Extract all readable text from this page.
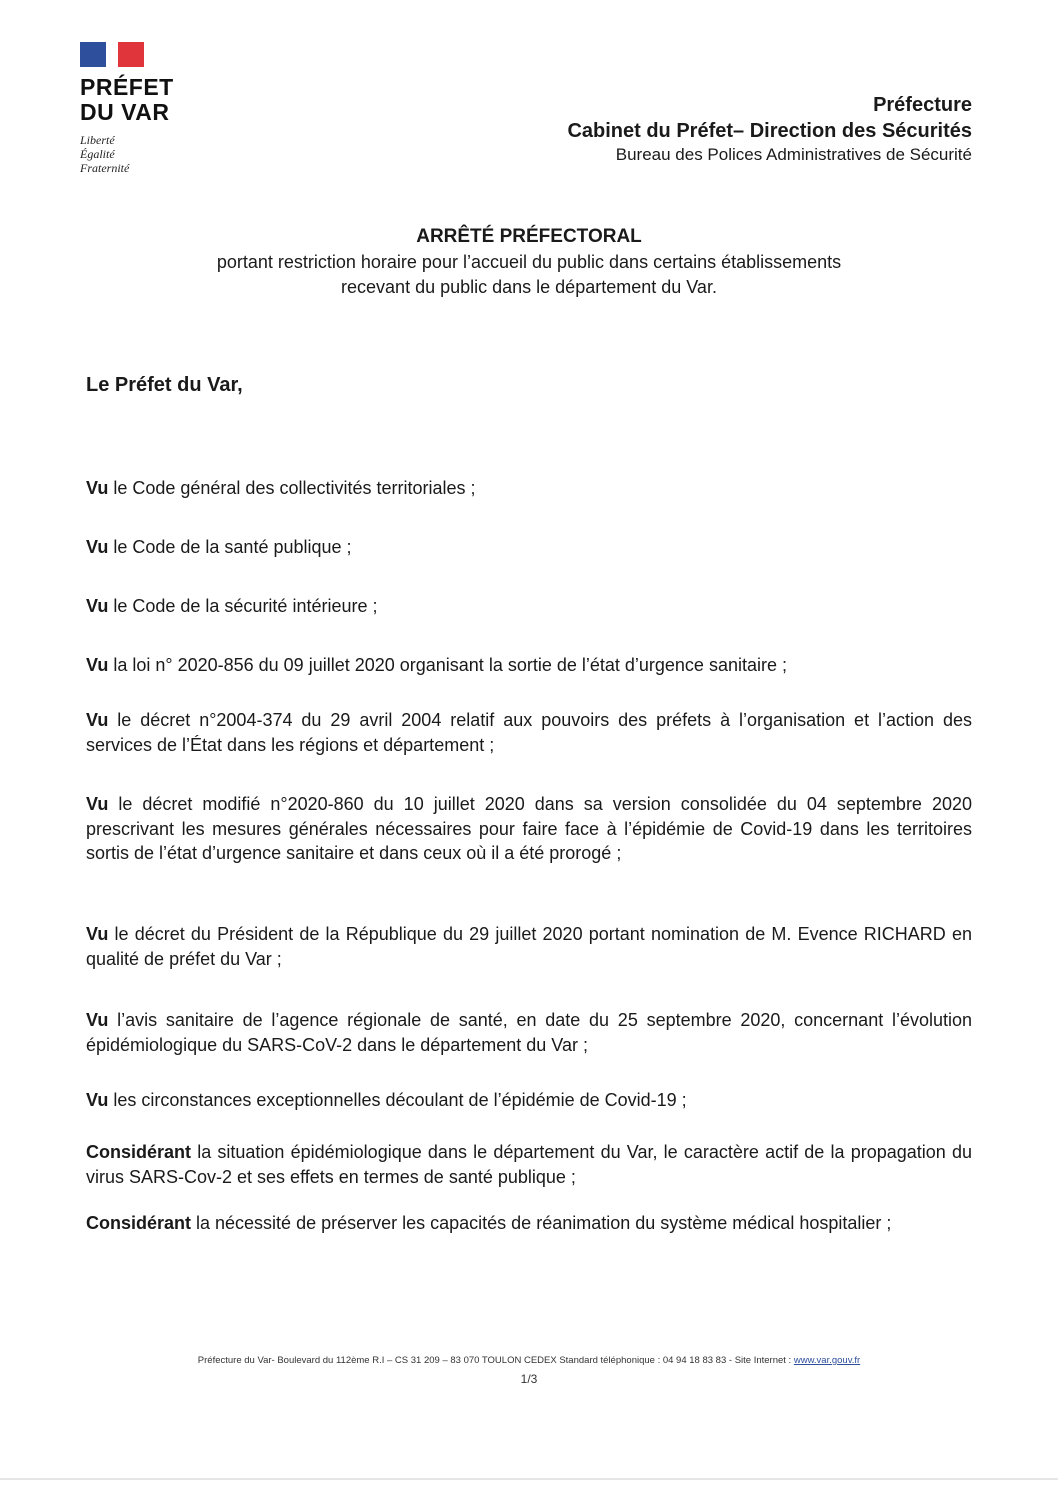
PRÉFET
DU VAR
Liberté
Égalité
Fraternité
Préfecture
Cabinet du Préfet– Direction des Sécurités
Bureau des Polices Administratives de Sécurité
ARRÊTÉ PRÉFECTORAL
portant restriction horaire pour l’accueil du public dans certains établissements
recevant du public dans le département du Var.
Le Préfet du Var,
Vu le Code général des collectivités territoriales ;
Vu le Code de la santé publique ;
Vu le Code de la sécurité intérieure ;
Vu la loi n° 2020-856 du 09 juillet 2020 organisant la sortie de l’état d’urgence sanitaire ;
Vu le décret n°2004-374 du 29 avril 2004 relatif aux pouvoirs des préfets à l’organisation et l’action des services de l’État dans les régions et département ;
Vu le décret modifié n°2020-860 du 10 juillet 2020 dans sa version consolidée du 04 septembre 2020 prescrivant les mesures générales nécessaires pour faire face à l’épidémie de Covid-19 dans les territoires sortis de l’état d’urgence sanitaire et dans ceux où il a été prorogé ;
Vu le décret du Président de la République du 29 juillet 2020 portant nomination de M. Evence RICHARD en qualité de préfet du Var ;
Vu l’avis sanitaire de l’agence régionale de santé, en date du 25 septembre 2020, concernant l’évolution épidémiologique du SARS-CoV-2 dans le département du Var ;
Vu les circonstances exceptionnelles découlant de l’épidémie de Covid-19 ;
Considérant la situation épidémiologique dans le département du Var, le caractère actif de la propagation du virus SARS-Cov-2 et ses effets en termes de santé publique ;
Considérant la nécessité de préserver les capacités de réanimation du système médical hospitalier ;
Préfecture du Var- Boulevard du 112ème R.I – CS 31 209 – 83 070 TOULON CEDEX Standard téléphonique : 04 94 18 83 83 - Site Internet : www.var.gouv.fr
1/3
